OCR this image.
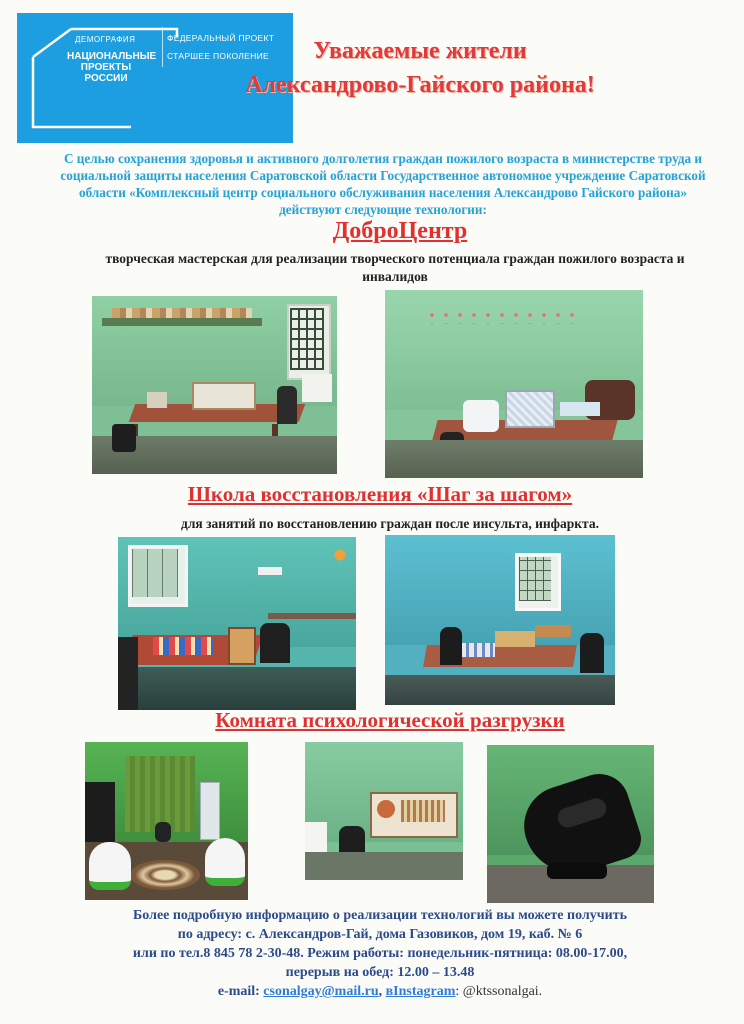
ДЕМОГРАФИЯ
НАЦИОНАЛЬНЫЕ
ПРОЕКТЫ
РОССИИ
ФЕДЕРАЛЬНЫЙ ПРОЕКТ
СТАРШЕЕ ПОКОЛЕНИЕ	Уважаемые жители
Александрово-Гайского района!
С целью сохранения здоровья и активного долголетия граждан пожилого возраста в министерстве труда и социальной защиты населения Саратовской области Государственное автономное учреждение Саратовской области «Комплексный центр социального обслуживания населения Александрово Гайского района» действуют следующие технологии:
ДоброЦентр
творческая мастерская для реализации творческого потенциала граждан пожилого возраста и инвалидов
Школа восстановления «Шаг за шагом»
для занятий по восстановлению граждан после инсульта, инфаркта.
Комната психологической разгрузки
Более подробную информацию о реализации технологий вы можете получить
по адресу: с. Александров-Гай, дома Газовиков, дом 19, каб. № 6
или по тел.8 845 78 2-30-48. Режим работы: понедельник-пятница: 08.00-17.00,
перерыв на обед: 12.00 – 13.48
e-mail: csonalgay@mail.ru, вInstagram: @ktssonalgai.
